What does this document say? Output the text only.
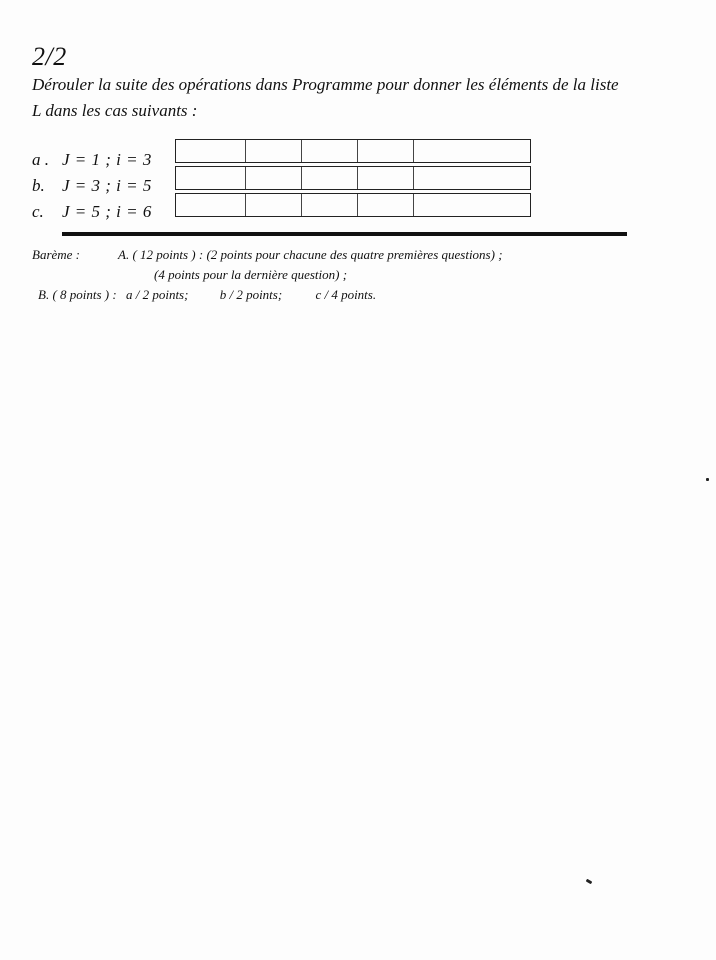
2/2
Dérouler la suite des opérations dans Programme pour donner les éléments de la liste
L dans les cas suivants :
a . J = 1 ; i = 3
b.	J = 3 ; i = 5
c.	J = 5 ; i = 6
Barème :	A. ( 12 points ) : (2 points pour chacune des quatre premières questions) ;
(4 points pour la dernière question) ;
B. ( 8 points ) : a / 2 points; b / 2 points;	c / 4 points.
